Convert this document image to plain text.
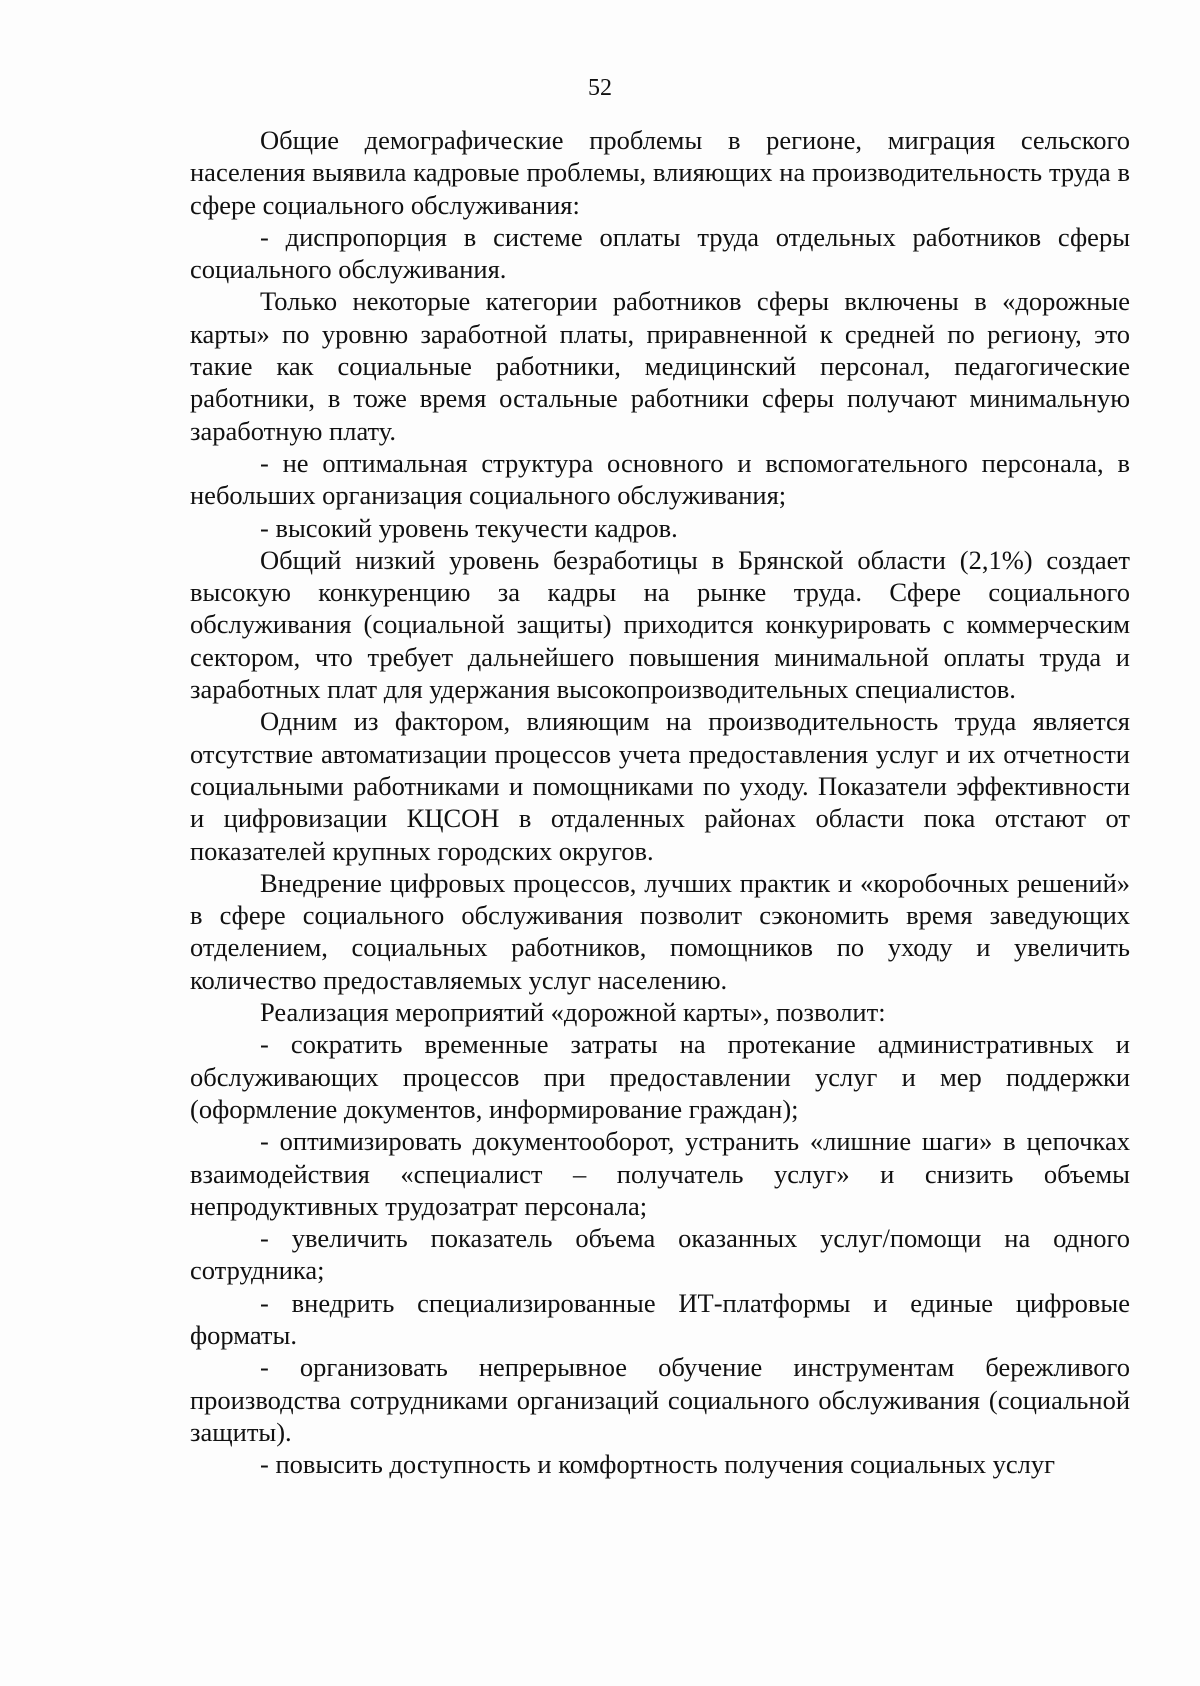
52

Общие демографические проблемы в регионе, миграция сельского населения выявила кадровые проблемы, влияющих на производительность труда в сфере социального обслуживания:

- диспропорция в системе оплаты труда отдельных работников сферы социального обслуживания.

Только некоторые категории работников сферы включены в «дорожные карты» по уровню заработной платы, приравненной к средней по региону, это такие как социальные работники, медицинский персонал, педагогические работники, в тоже время остальные работники сферы получают минимальную заработную плату.

- не оптимальная структура основного и вспомогательного персонала, в небольших организация социального обслуживания;

- высокий уровень текучести кадров.

Общий низкий уровень безработицы в Брянской области (2,1%) создает высокую конкуренцию за кадры на рынке труда. Сфере социального обслуживания (социальной защиты) приходится конкурировать с коммерческим сектором, что требует дальнейшего повышения минимальной оплаты труда и заработных плат для удержания высокопроизводительных специалистов.

Одним из фактором, влияющим на производительность труда является отсутствие автоматизации процессов учета предоставления услуг и их отчетности социальными работниками и помощниками по уходу. Показатели эффективности и цифровизации КЦСОН в отдаленных районах области пока отстают от показателей крупных городских округов.

Внедрение цифровых процессов, лучших практик и «коробочных решений» в сфере социального обслуживания позволит сэкономить время заведующих отделением, социальных работников, помощников по уходу и увеличить количество предоставляемых услуг населению.

Реализация мероприятий «дорожной карты», позволит:

- сократить временные затраты на протекание административных и обслуживающих процессов при предоставлении услуг и мер поддержки (оформление документов, информирование граждан);

- оптимизировать документооборот, устранить «лишние шаги» в цепочках взаимодействия «специалист – получатель услуг» и снизить объемы непродуктивных трудозатрат персонала;

- увеличить показатель объема оказанных услуг/помощи на одного сотрудника;

- внедрить специализированные ИТ-платформы и единые цифровые форматы.

- организовать непрерывное обучение инструментам бережливого производства сотрудниками организаций социального обслуживания (социальной защиты).

- повысить доступность и комфортность получения социальных услуг
